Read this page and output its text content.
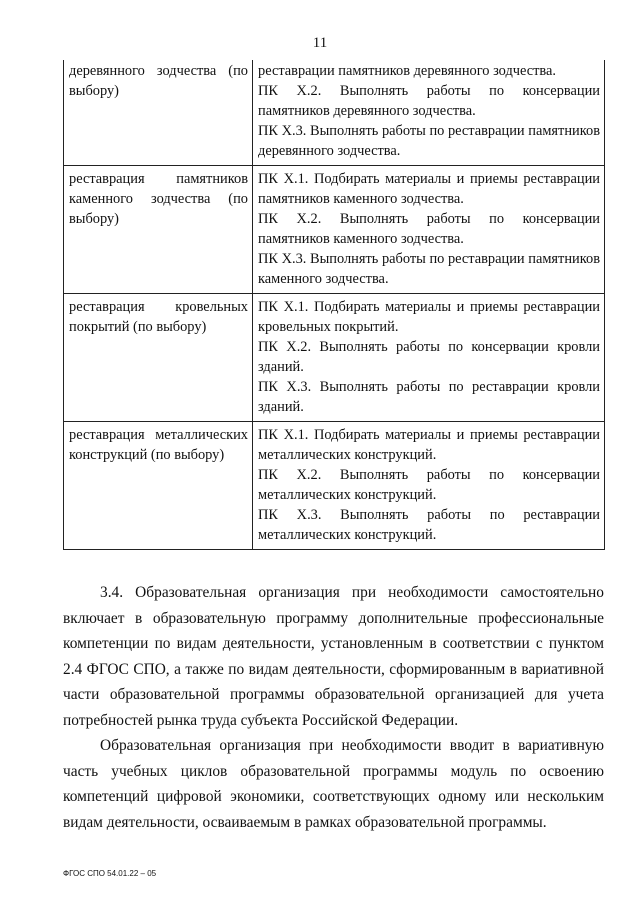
11
деревянного зодчества (по выбору)	реставрации памятников деревянного зодчества.
ПК Х.2. Выполнять работы по консервации памятников деревянного зодчества.
ПК Х.3. Выполнять работы по реставрации памятников деревянного зодчества.

реставрация памятников каменного зодчества (по выбору)	ПК Х.1. Подбирать материалы и приемы реставрации памятников каменного зодчества.
ПК Х.2. Выполнять работы по консервации памятников каменного зодчества.
ПК Х.3. Выполнять работы по реставрации памятников каменного зодчества.

реставрация кровельных покрытий (по выбору)	ПК Х.1. Подбирать материалы и приемы реставрации кровельных покрытий.
ПК Х.2. Выполнять работы по консервации кровли зданий.
ПК Х.3. Выполнять работы по реставрации кровли зданий.

реставрация металлических конструкций (по выбору)	ПК Х.1. Подбирать материалы и приемы реставрации металлических конструкций.
ПК Х.2. Выполнять работы по консервации металлических конструкций.
ПК Х.3. Выполнять работы по реставрации металлических конструкций.

3.4. Образовательная организация при необходимости самостоятельно включает в образовательную программу дополнительные профессиональные компетенции по видам деятельности, установленным в соответствии с пунктом 2.4 ФГОС СПО, а также по видам деятельности, сформированным в вариативной части образовательной программы образовательной организацией для учета потребностей рынка труда субъекта Российской Федерации.

Образовательная организация при необходимости вводит в вариативную часть учебных циклов образовательной программы модуль по освоению компетенций цифровой экономики, соответствующих одному или нескольким видам деятельности, осваиваемым в рамках образовательной программы.

ФГОС СПО 54.01.22 – 05
